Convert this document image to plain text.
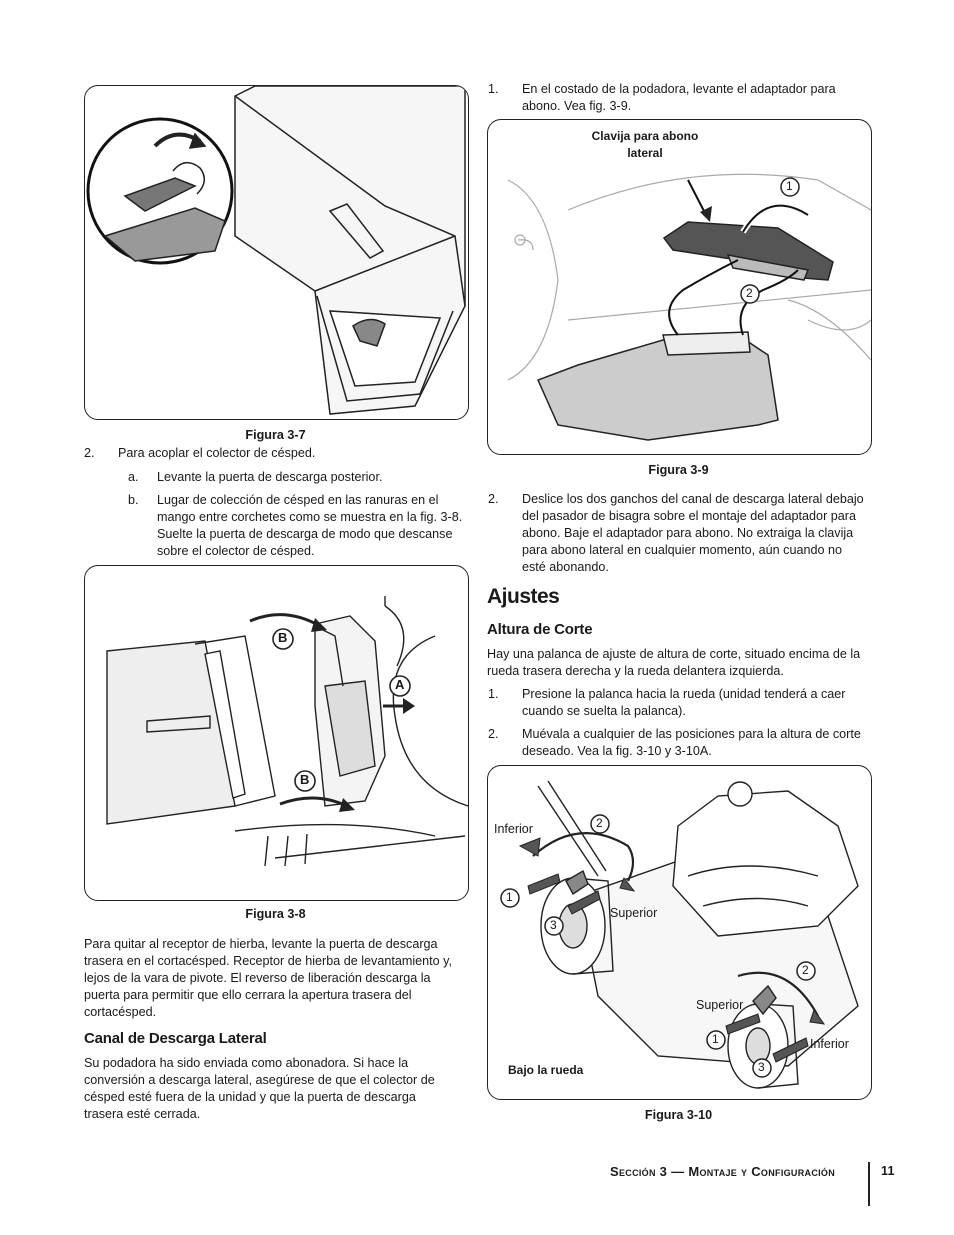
Figura 3-7
2. Para acoplar el colector de césped.
a. Levante la puerta de descarga posterior.
b. Lugar de colección de césped en las ranuras en el mango entre corchetes como se muestra en la fig. 3-8. Suelte la puerta de descarga de modo que descanse sobre el colector de césped.
B
A
B
Figura 3-8
Para quitar al receptor de hierba, levante la puerta de descarga trasera en el cortacésped. Receptor de hierba de levantamiento y, lejos de la vara de pivote. El reverso de liberación descarga la puerta para permitir que ello cerrara la apertura trasera del cortacésped.
Canal de Descarga Lateral
Su podadora ha sido enviada como abonadora. Si hace la conversión a descarga lateral, asegúrese de que el colector de césped esté fuera de la unidad y que la puerta de descarga trasera esté cerrada.
1. En el costado de la podadora, levante el adaptador para abono. Vea fig. 3-9.
Clavija para abono lateral
1
2
Figura 3-9
2. Deslice los dos ganchos del canal de descarga lateral debajo del pasador de bisagra sobre el montaje del adaptador para abono. Baje el adaptador para abono. No extraiga la clavija para abono lateral en cualquier momento, aún cuando no esté abonando.
Ajustes
Altura de Corte
Hay una palanca de ajuste de altura de corte, situado encima de la rueda trasera derecha y la rueda delantera izquierda.
1. Presione la palanca hacia la rueda (unidad tenderá a caer cuando se suelta la palanca).
2. Muévala a cualquier de las posiciones para la altura de corte deseado. Vea la fig. 3-10 y 3-10A.
Inferior
Superior
Superior
Inferior
Bajo la rueda
1
2
3
1
2
3
Figura 3-10
Sección 3 — Montaje y Configuración	11
